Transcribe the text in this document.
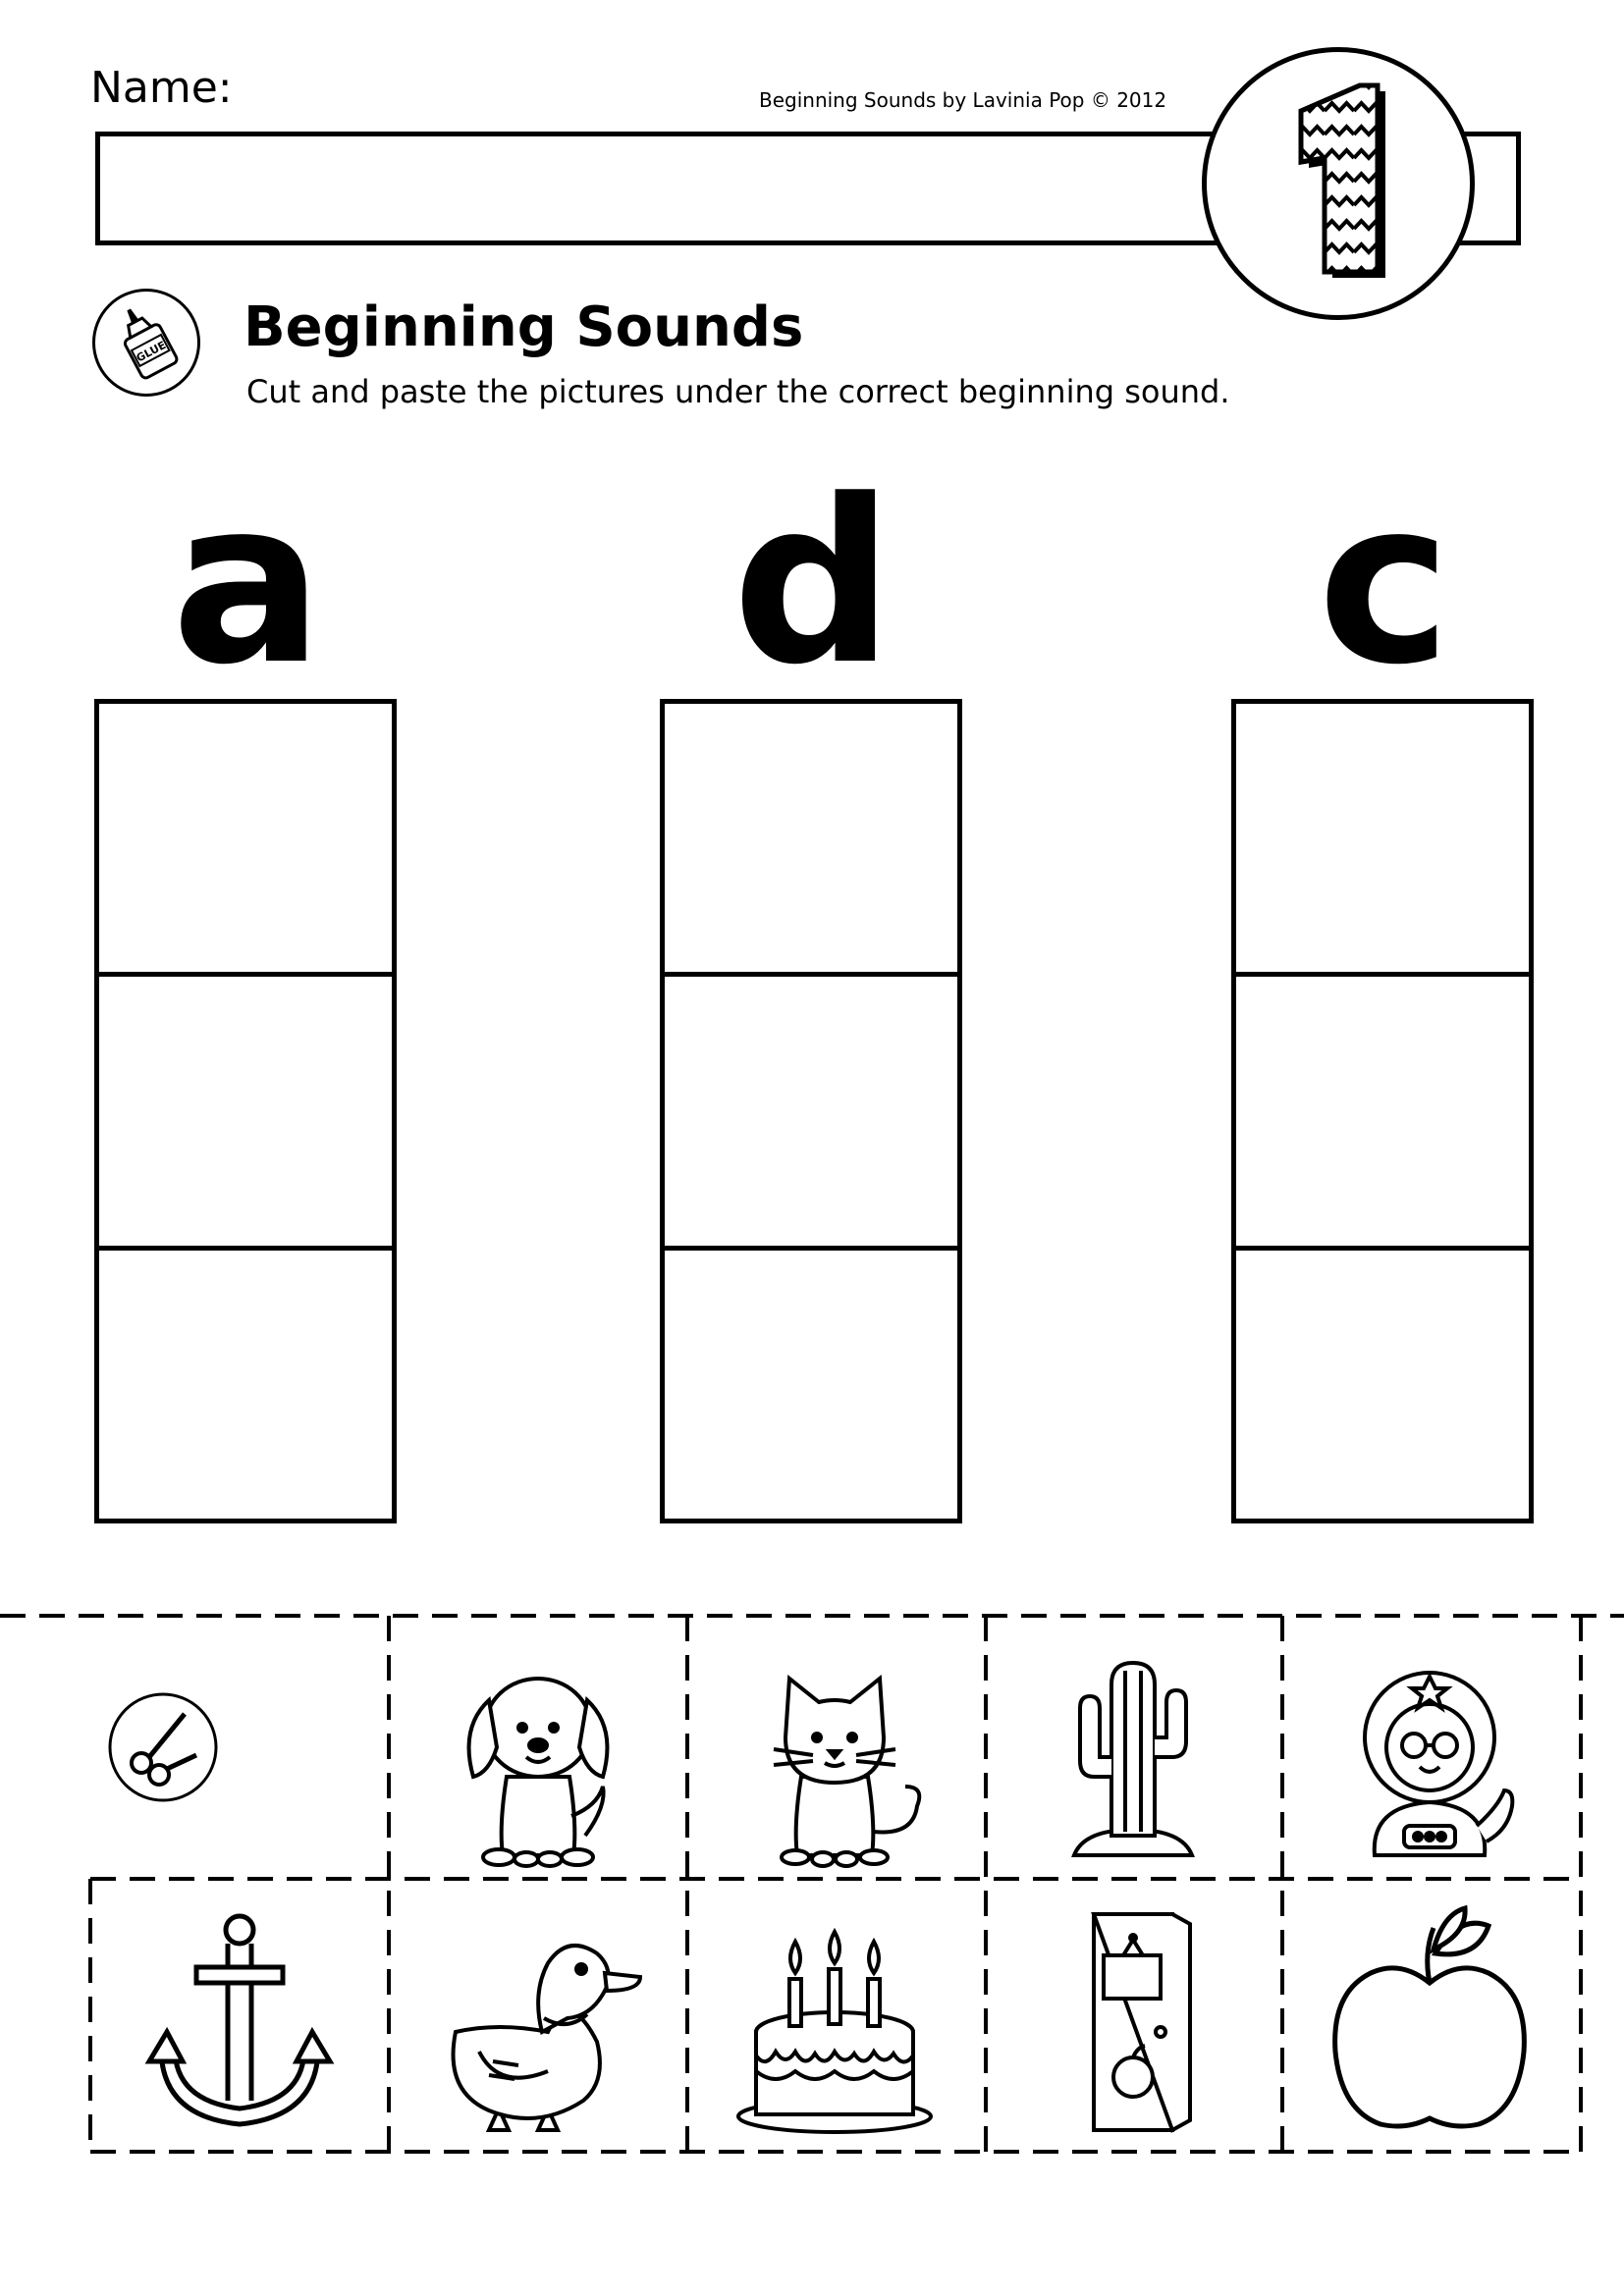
Name:	Beginning Sounds by Lavinia Pop © 2012
GLUE Beginning Sounds
Cut and paste the pictures under the correct beginning sound.
a	d	c
